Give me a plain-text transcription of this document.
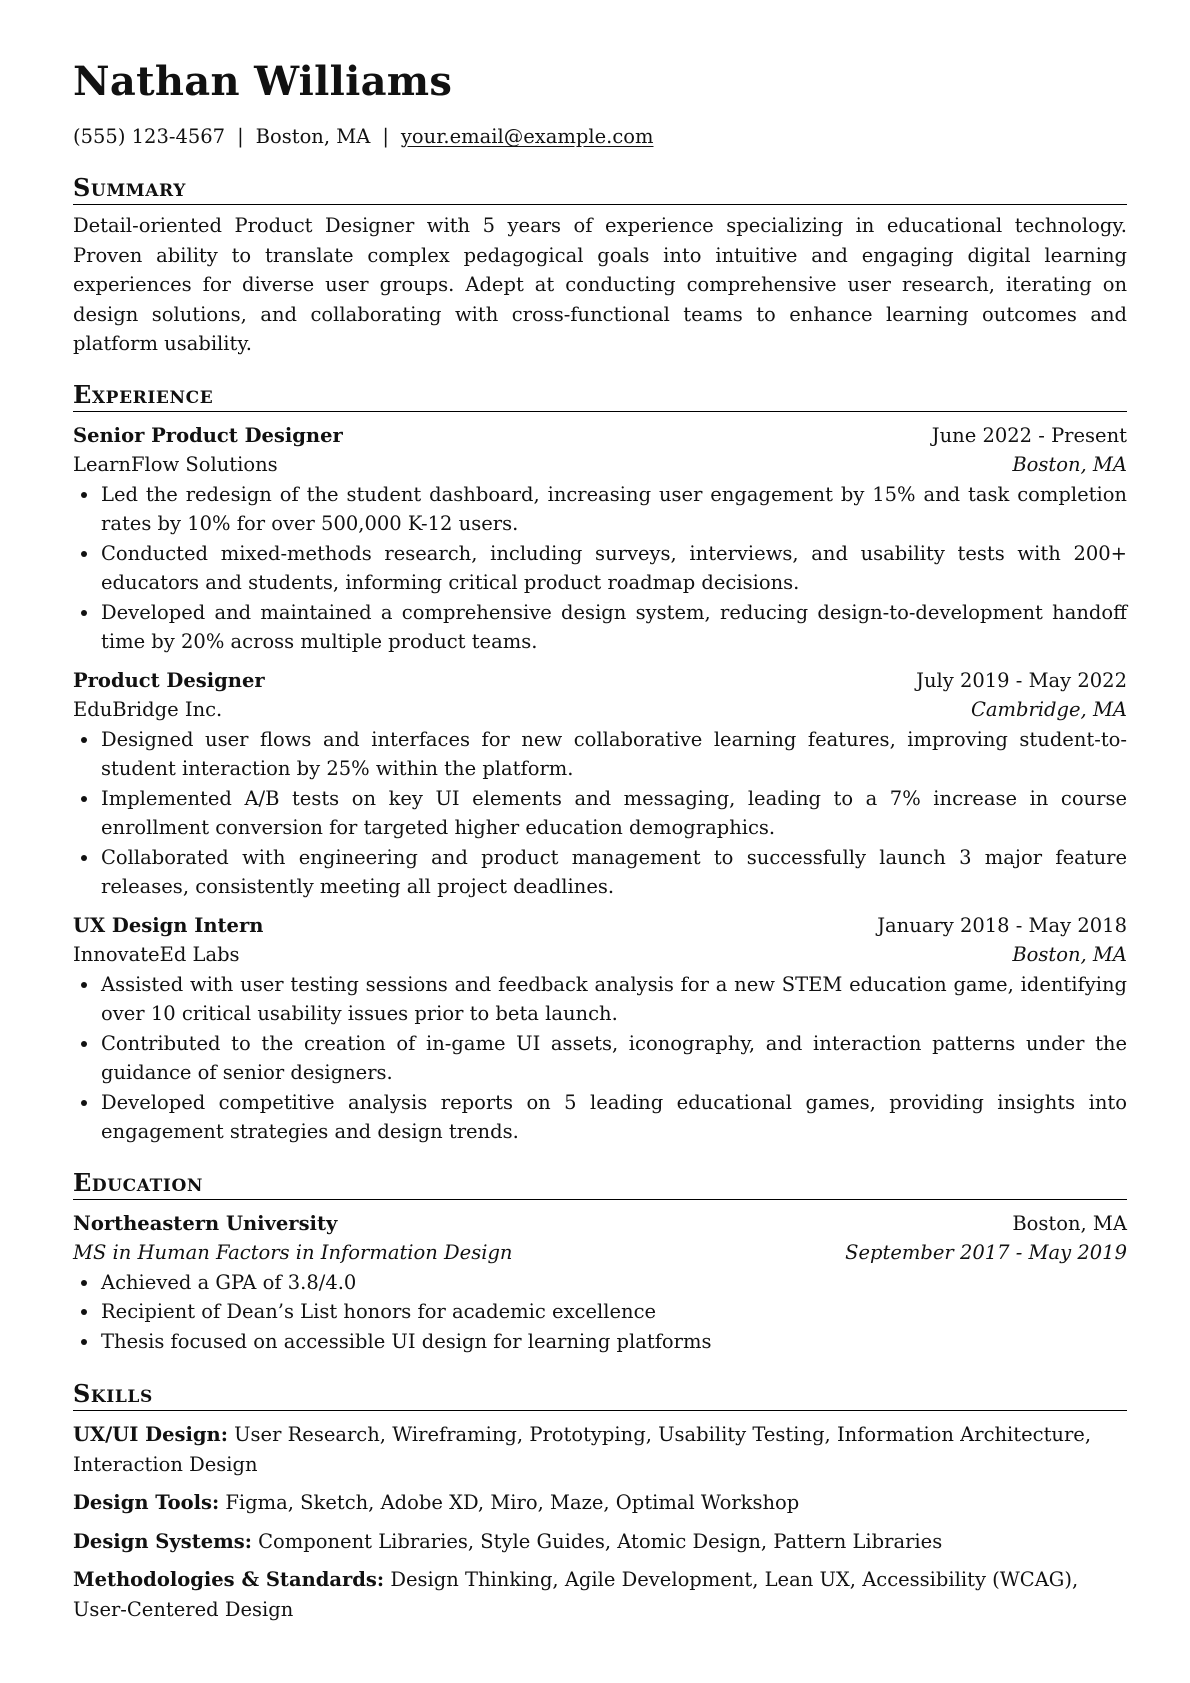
Nathan Williams
(555) 123-4567 | Boston, MA | your.email@example.com
Summary
Detail-oriented Product Designer with 5 years of experience specializing in educational technology. Proven ability to translate complex pedagogical goals into intuitive and engaging digital learning experiences for diverse user groups. Adept at conducting comprehensive user research, iterating on design solutions, and collaborating with cross-functional teams to enhance learning outcomes and platform usability.
Experience
Senior Product Designer	June 2022 - Present
LearnFlow Solutions	Boston, MA
Led the redesign of the student dashboard, increasing user engagement by 15% and task completion rates by 10% for over 500,000 K-12 users.
Conducted mixed-methods research, including surveys, interviews, and usability tests with 200+ educators and students, informing critical product roadmap decisions.
Developed and maintained a comprehensive design system, reducing design-to-development handoff time by 20% across multiple product teams.
Product Designer	July 2019 - May 2022
EduBridge Inc.	Cambridge, MA
Designed user flows and interfaces for new collaborative learning features, improving student-to-student interaction by 25% within the platform.
Implemented A/B tests on key UI elements and messaging, leading to a 7% increase in course enrollment conversion for targeted higher education demographics.
Collaborated with engineering and product management to successfully launch 3 major feature releases, consistently meeting all project deadlines.
UX Design Intern	January 2018 - May 2018
InnovateEd Labs	Boston, MA
Assisted with user testing sessions and feedback analysis for a new STEM education game, identifying over 10 critical usability issues prior to beta launch.
Contributed to the creation of in-game UI assets, iconography, and interaction patterns under the guidance of senior designers.
Developed competitive analysis reports on 5 leading educational games, providing insights into engagement strategies and design trends.
Education
Northeastern University	Boston, MA
MS in Human Factors in Information Design	September 2017 - May 2019
Achieved a GPA of 3.8/4.0
Recipient of Dean’s List honors for academic excellence
Thesis focused on accessible UI design for learning platforms
Skills
UX/UI Design: User Research, Wireframing, Prototyping, Usability Testing, Information Architecture, Interaction Design
Design Tools: Figma, Sketch, Adobe XD, Miro, Maze, Optimal Workshop
Design Systems: Component Libraries, Style Guides, Atomic Design, Pattern Libraries
Methodologies & Standards: Design Thinking, Agile Development, Lean UX, Accessibility (WCAG), User-Centered Design
